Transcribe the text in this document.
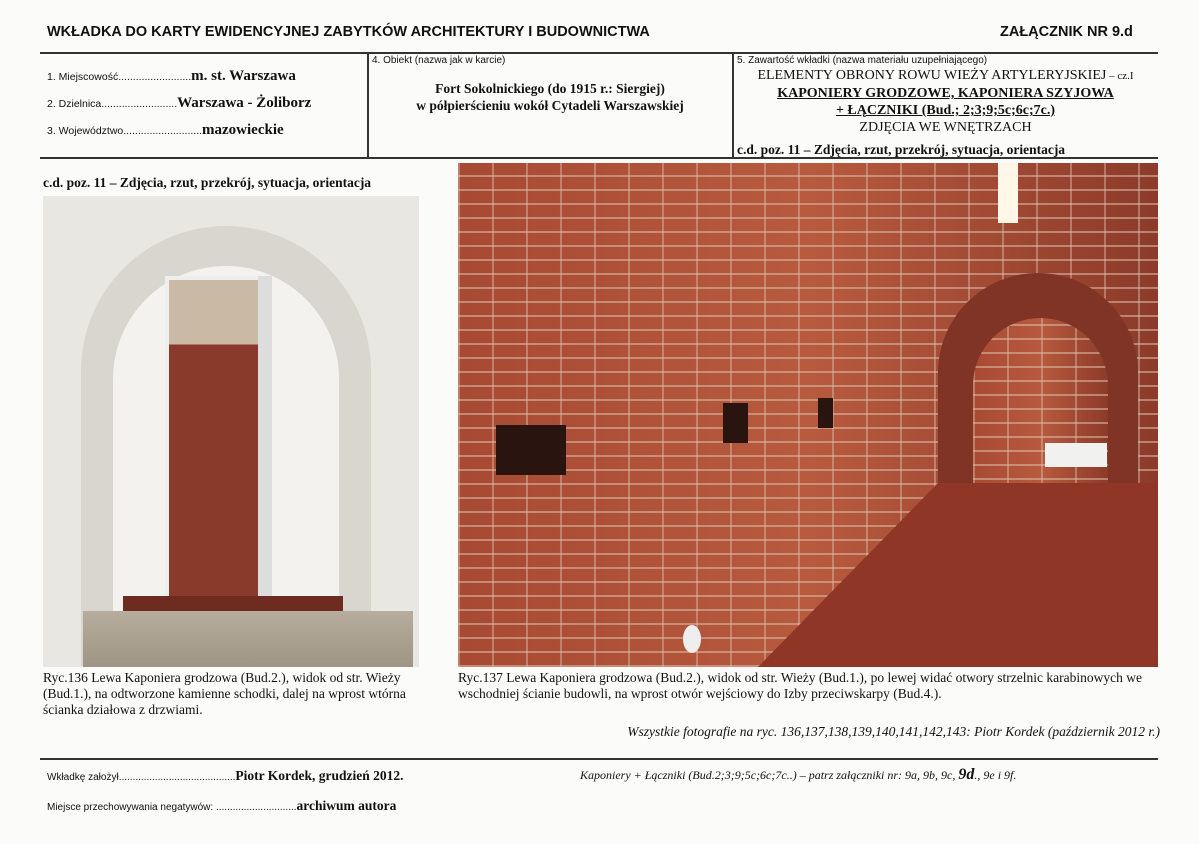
WKŁADKA DO KARTY EWIDENCYJNEJ ZABYTKÓW ARCHITEKTURY I BUDOWNICTWA	ZAŁĄCZNIK NR 9.d
1. Miejscowość.........................m. st. Warszawa
2. Dzielnica..........................Warszawa - Żoliborz
3. Województwo...........................mazowieckie
4. Obiekt (nazwa jak w karcie)
Fort Sokolnickiego (do 1915 r.: Siergiej)
w półpierścieniu wokół Cytadeli Warszawskiej
5. Zawartość wkładki (nazwa materiału uzupełniającego)
ELEMENTY OBRONY ROWU WIEŻY ARTYLERYJSKIEJ – cz.I
KAPONIERY GRODZOWE, KAPONIERA SZYJOWA
+ ŁĄCZNIKI (Bud.; 2;3;9;5c;6c;7c.)
ZDJĘCIA WE WNĘTRZACH
c.d. poz. 11 – Zdjęcia, rzut, przekrój, sytuacja, orientacja
c.d. poz. 11 – Zdjęcia, rzut, przekrój, sytuacja, orientacja
Ryc.136 Lewa Kaponiera grodzowa (Bud.2.), widok od str. Wieży (Bud.1.), na odtworzone kamienne schodki, dalej na wprost wtórna ścianka działowa z drzwiami.
Ryc.137 Lewa Kaponiera grodzowa (Bud.2.), widok od str. Wieży (Bud.1.), po lewej widać otwory strzelnic karabinowych we wschodniej ścianie budowli, na wprost otwór wejściowy do Izby przeciwskarpy (Bud.4.).
Wszystkie fotografie na ryc. 136,137,138,139,140,141,142,143: Piotr Kordek (październik 2012 r.)
Wkładkę założył..........................................Piotr Kordek, grudzień 2012.
Miejsce przechowywania negatywów: .............................archiwum autora
Kaponiery + Łączniki (Bud.2;3;9;5c;6c;7c..) – patrz załączniki nr: 9a, 9b, 9c, 9d., 9e i 9f.
